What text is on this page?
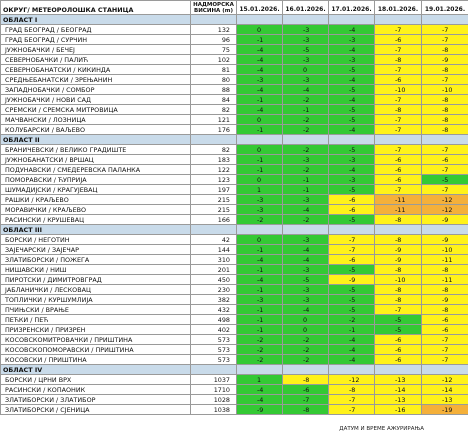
ОКРУГ/ МЕТЕОРОЛОШКА СТАНИЦА	НАДМОРСКА ВИСИНА (m)	15.01.2026.	16.01.2026.	17.01.2026.	18.01.2026.	19.01.2026.
ОБЛАСТ I						
ГРАД БЕОГРАД / БЕОГРАД	132	0	-3	-4	-7	-7
ГРАД БЕОГРАД / СУРЧИН	96	-1	-3	-3	-6	-7
ЈУЖНОБАЧКИ / БЕЧЕЈ	75	-4	-5	-4	-7	-8
СЕВЕРНОБАЧКИ / ПАЛИЋ	102	-4	-3	-3	-8	-9
СЕВЕРНОБАНАТСКИ / КИКИНДА	81	-4	0	-5	-7	-8
СРЕДЊЕБАНАТСКИ / ЗРЕЊАНИН	80	-3	-3	-4	-6	-7
ЗАПАДНОБАЧКИ / СОМБОР	88	-4	-4	-5	-10	-10
ЈУЖНОБАЧКИ / НОВИ САД	84	-1	-2	-4	-7	-8
СРЕМСКИ / СРЕМСКА МИТРОВИЦА	82	-4	-1	-5	-8	-8
МАЧВАНСКИ / ЛОЗНИЦА	121	0	-2	-5	-7	-8
КОЛУБАРСКИ / ВАЉЕВО	176	-1	-2	-4	-7	-8
ОБЛАСТ II						
БРАНИЧЕВСКИ / ВЕЛИКО ГРАДИШТЕ	82	0	-2	-5	-7	-7
ЈУЖНОБАНАТСКИ / ВРШАЦ	183	-1	-3	-3	-6	-6
ПОДУНАВСКИ / СМЕДЕРЕВСКА ПАЛАНКА	122	-1	-2	-4	-6	-7
ПОМОРАВСКИ / ЋУПРИЈА	123	0	-1	-3	-6	-5
ШУМАДИЈСКИ / КРАГУЈЕВАЦ	197	1	-1	-5	-7	-7
РАШКИ / КРАЉЕВО	215	-3	-3	-6	-11	-12
МОРАВИЧКИ / КРАЉЕВО	215	-3	-4	-6	-11	-12
РАСИНСКИ / КРУШЕВАЦ	166	-2	-2	-5	-8	-9
ОБЛАСТ III						
БОРСКИ / НЕГОТИН	42	0	-3	-7	-8	-9
ЗАЈЕЧАРСКИ / ЗАЈЕЧАР	144	-1	-4	-7	-9	-10
ЗЛАТИБОРСКИ / ПОЖЕГА	310	-4	-4	-6	-9	-11
НИШАВСКИ / НИШ	201	-1	-3	-5	-8	-8
ПИРОТСКИ / ДИМИТРОВГРАД	450	-4	-5	-9	-10	-11
ЈАБЛАНИЧКИ / ЛЕСКОВАЦ	230	-1	-3	-5	-8	-8
ТОПЛИЧКИ / КУРШУМЛИЈА	382	-3	-3	-5	-8	-9
ПЧИЊСКИ / ВРАЊЕ	432	-1	-4	-5	-7	-8
ПЕЋКИ / ПЕЋ	498	-1	0	-2	-5	-6
ПРИЗРЕНСКИ / ПРИЗРЕН	402	-1	0	-1	-5	-6
КОСОВСКОМИТРОВАЧКИ / ПРИШТИНА	573	-2	-2	-4	-6	-7
КОСОВСКОПОМОРАВСКИ / ПРИШТИНА	573	-2	-2	-4	-6	-7
КОСОВСКИ / ПРИШТИНА	573	-2	-2	-4	-6	-7
ОБЛАСТ IV						
БОРСКИ / ЦРНИ ВРХ	1037	1	-8	-12	-13	-12
РАСИНСКИ / КОПАОНИК	1710	-4	-6	-8	-14	-14
ЗЛАТИБОРСКИ / ЗЛАТИБОР	1028	-4	-7	-7	-13	-13
ЗЛАТИБОРСКИ / СЈЕНИЦА	1038	-9	-8	-7	-16	-19
ДАТУМ И ВРЕМЕ АЖУРИРАЊА
